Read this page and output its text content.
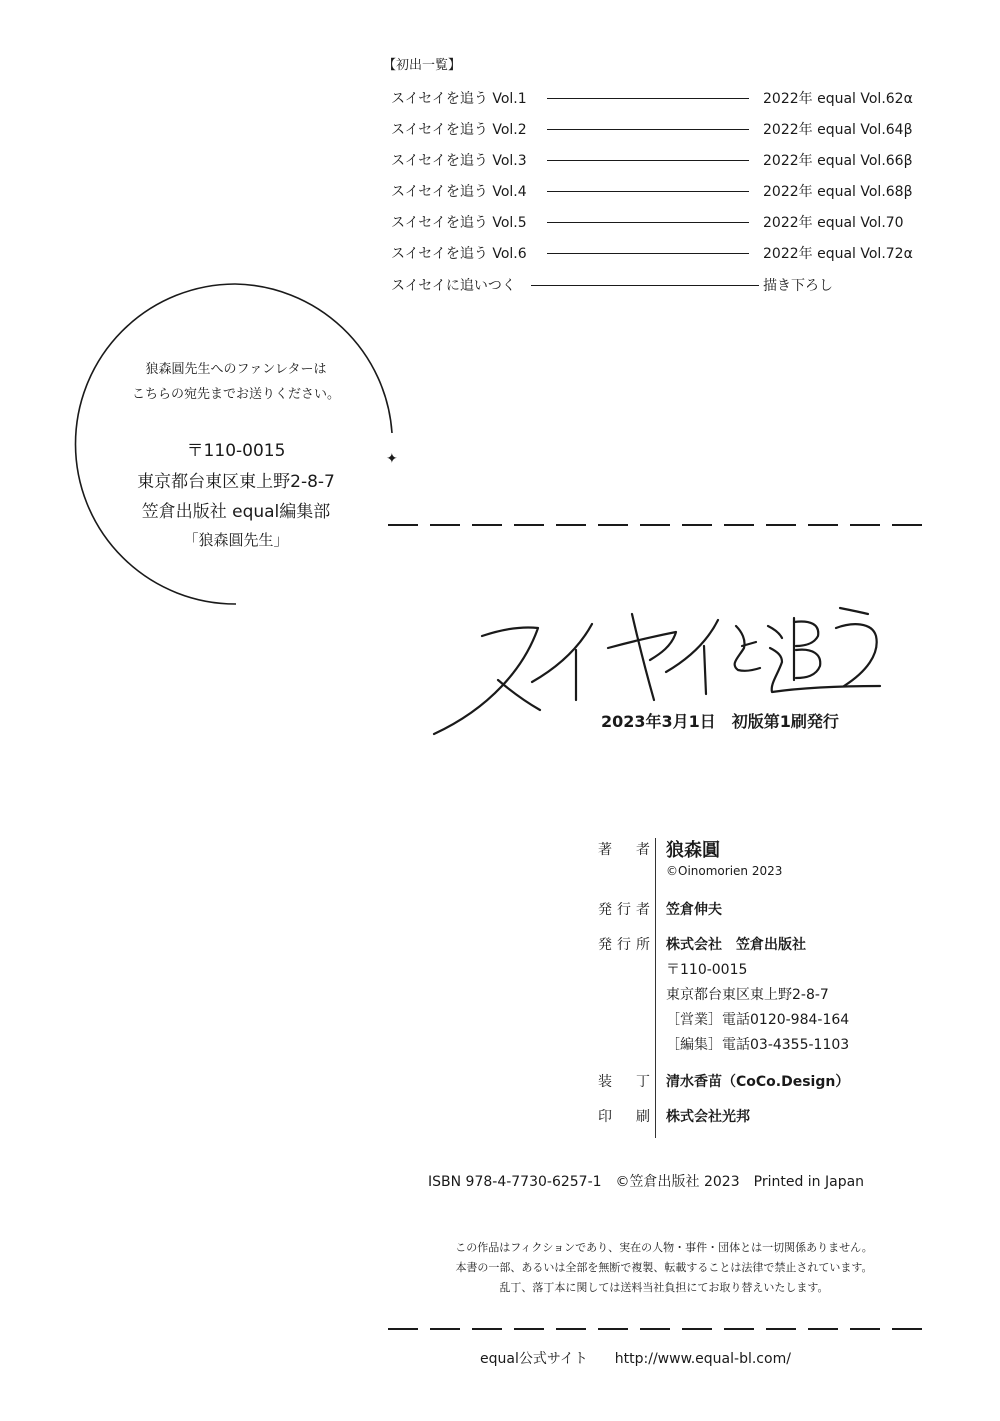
【初出一覧】
スイセイを追う Vol.1	2022年 equal Vol.62α
スイセイを追う Vol.2	2022年 equal Vol.64β
スイセイを追う Vol.3	2022年 equal Vol.66β
スイセイを追う Vol.4	2022年 equal Vol.68β
スイセイを追う Vol.5	2022年 equal Vol.70
スイセイを追う Vol.6	2022年 equal Vol.72α
スイセイに追いつく	描き下ろし
✦
狼森圓先生へのファンレターは
こちらの宛先までお送りください。
〒110-0015
東京都台東区東上野2-8-7
笠倉出版社 equal編集部
「狼森圓先生」
2023年3月1日　初版第1刷発行
著者 狼森圓
©Oinomorien 2023
発行者 笠倉伸夫
発行所 株式会社　笠倉出版社
〒110-0015
東京都台東区東上野2-8-7
［営業］電話0120-984-164
［編集］電話03-4355-1103
装丁 清水香苗（CoCo.Design）
印刷 株式会社光邦
ISBN 978-4-7730-6257-1　©笠倉出版社 2023　Printed in Japan
この作品はフィクションであり、実在の人物・事件・団体とは一切関係ありません。
本書の一部、あるいは全部を無断で複製、転載することは法律で禁止されています。
乱丁、落丁本に関しては送料当社負担にてお取り替えいたします。
equal公式サイト http://www.equal-bl.com/
